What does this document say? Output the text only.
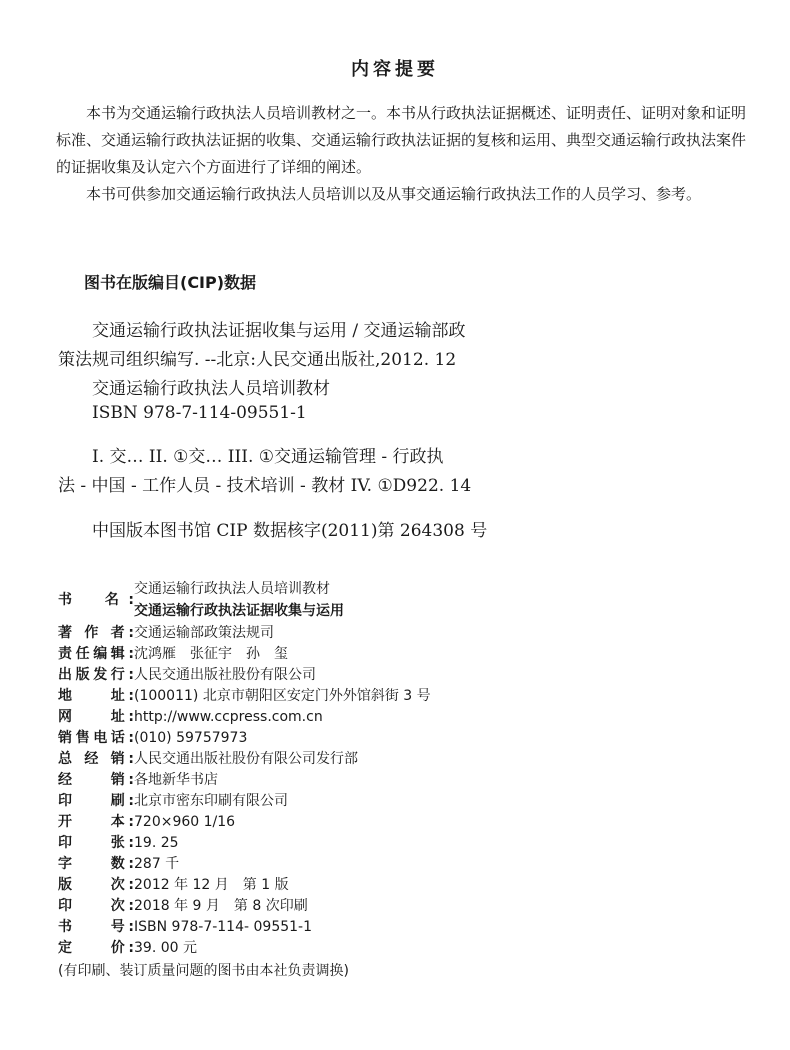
内容提要

本书为交通运输行政执法人员培训教材之一。本书从行政执法证据概述、证明责任、证明对象和证明标准、交通运输行政执法证据的收集、交通运输行政执法证据的复核和运用、典型交通运输行政执法案件的证据收集及认定六个方面进行了详细的阐述。

本书可供参加交通运输行政执法人员培训以及从事交通运输行政执法工作的人员学习、参考。

图书在版编目(CIP)数据
交通运输行政执法证据收集与运用 / 交通运输部政
策法规司组织编写. --北京:人民交通出版社,2012. 12
交通运输行政执法人员培训教材
ISBN 978-7-114-09551-1
I. 交… II. ①交… III. ①交通运输管理 - 行政执
法 - 中国 - 工作人员 - 技术培训 - 教材 IV. ①D922. 14
中国版本图书馆 CIP 数据核字(2011)第 264308 号
书　名:交通运输行政执法人员培训教材
交通运输行政执法证据收集与运用
著 作 者:交通运输部政策法规司
责任编辑:沈鸿雁　张征宇　孙　玺
出版发行:人民交通出版社股份有限公司
地　　址:(100011) 北京市朝阳区安定门外外馆斜街 3 号
网　　址:http://www.ccpress.com.cn
销售电话:(010) 59757973
总 经 销:人民交通出版社股份有限公司发行部
经　　销:各地新华书店
印　　刷:北京市密东印刷有限公司
开　　本:720×960 1/16
印　　张:19. 25
字　　数:287 千
版　　次:2012 年 12 月　第 1 版
印　　次:2018 年 9 月　第 8 次印刷
书　　号:ISBN 978-7-114- 09551-1
定　　价:39. 00 元
(有印刷、装订质量问题的图书由本社负责调换)
